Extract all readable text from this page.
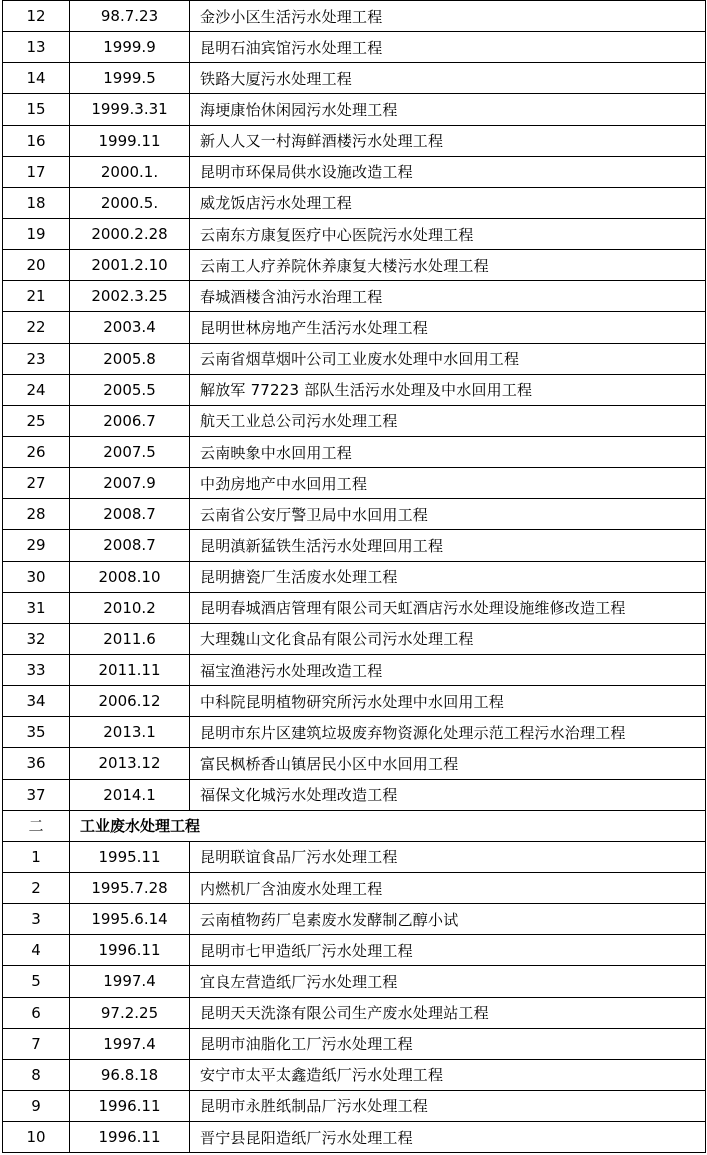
12	98.7.23	金沙小区生活污水处理工程
13	1999.9	昆明石油宾馆污水处理工程
14	1999.5	铁路大厦污水处理工程
15	1999.3.31	海埂康怡休闲园污水处理工程
16	1999.11	新人人又一村海鲜酒楼污水处理工程
17	2000.1.	昆明市环保局供水设施改造工程
18	2000.5.	威龙饭店污水处理工程
19	2000.2.28	云南东方康复医疗中心医院污水处理工程
20	2001.2.10	云南工人疗养院休养康复大楼污水处理工程
21	2002.3.25	春城酒楼含油污水治理工程
22	2003.4	昆明世林房地产生活污水处理工程
23	2005.8	云南省烟草烟叶公司工业废水处理中水回用工程
24	2005.5	解放军 77223 部队生活污水处理及中水回用工程
25	2006.7	航天工业总公司污水处理工程
26	2007.5	云南映象中水回用工程
27	2007.9	中劲房地产中水回用工程
28	2008.7	云南省公安厅警卫局中水回用工程
29	2008.7	昆明滇新猛铁生活污水处理回用工程
30	2008.10	昆明搪瓷厂生活废水处理工程
31	2010.2	昆明春城酒店管理有限公司天虹酒店污水处理设施维修改造工程
32	2011.6	大理魏山文化食品有限公司污水处理工程
33	2011.11	福宝渔港污水处理改造工程
34	2006.12	中科院昆明植物研究所污水处理中水回用工程
35	2013.1	昆明市东片区建筑垃圾废弃物资源化处理示范工程污水治理工程
36	2013.12	富民枫桥香山镇居民小区中水回用工程
37	2014.1	福保文化城污水处理改造工程
二	工业废水处理工程	
1	1995.11	昆明联谊食品厂污水处理工程
2	1995.7.28	内燃机厂含油废水处理工程
3	1995.6.14	云南植物药厂皂素废水发酵制乙醇小试
4	1996.11	昆明市七甲造纸厂污水处理工程
5	1997.4	宜良左营造纸厂污水处理工程
6	97.2.25	昆明天天洗涤有限公司生产废水处理站工程
7	1997.4	昆明市油脂化工厂污水处理工程
8	96.8.18	安宁市太平太鑫造纸厂污水处理工程
9	1996.11	昆明市永胜纸制品厂污水处理工程
10	1996.11	晋宁县昆阳造纸厂污水处理工程
